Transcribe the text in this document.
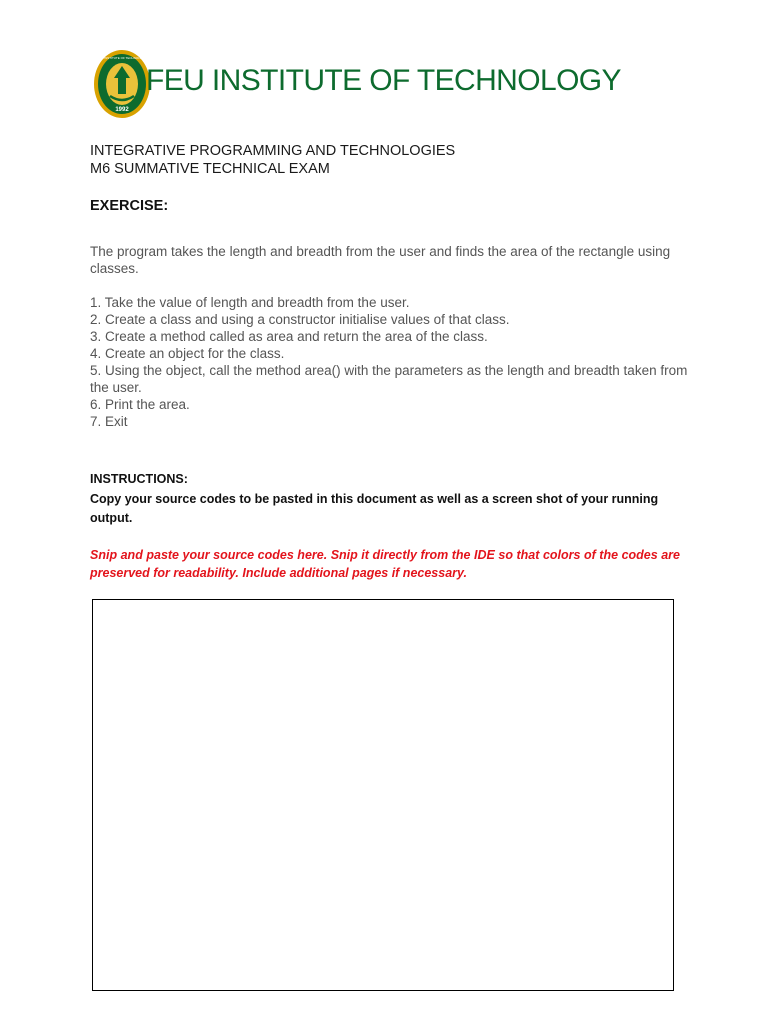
1992
FEU INSTITUTE OF TECHNOLOGY
FEU INSTITUTE OF TECHNOLOGY
INTEGRATIVE PROGRAMMING AND TECHNOLOGIES
M6 SUMMATIVE TECHNICAL EXAM
EXERCISE:
The program takes the length and breadth from the user and finds the area of the rectangle using classes.
1. Take the value of length and breadth from the user.
2. Create a class and using a constructor initialise values of that class.
3. Create a method called as area and return the area of the class.
4. Create an object for the class.
5. Using the object, call the method area() with the parameters as the length and breadth taken from the user.
6. Print the area.
7. Exit
INSTRUCTIONS:
Copy your source codes to be pasted in this document as well as a screen shot of your running output.
Snip and paste your source codes here. Snip it directly from the IDE so that colors of the codes are preserved for readability. Include additional pages if necessary.
